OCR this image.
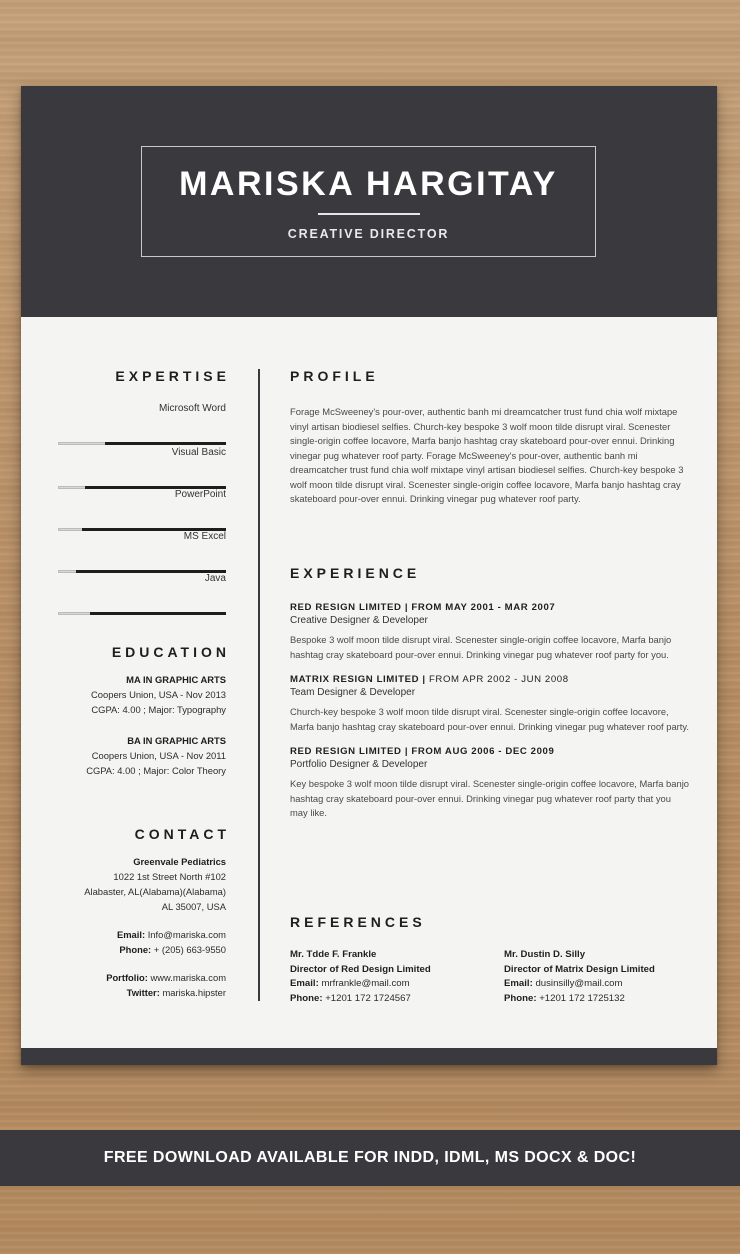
MARISKA HARGITAY
CREATIVE DIRECTOR
EXPERTISE
Microsoft Word
Visual Basic
PowerPoint
MS Excel
Java
EDUCATION
MA IN GRAPHIC ARTS
Coopers Union, USA - Nov 2013
CGPA: 4.00 ; Major: Typography
BA IN GRAPHIC ARTS
Coopers Union, USA - Nov 2011
CGPA: 4.00 ; Major: Color Theory
CONTACT
Greenvale Pediatrics
1022 1st Street North #102
Alabaster, AL(Alabama)(Alabama)
AL 35007, USA
Email: Info@mariska.com
Phone: + (205) 663-9550
Portfolio: www.mariska.com
Twitter: mariska.hipster
PROFILE
Forage McSweeney's pour-over, authentic banh mi dreamcatcher trust fund chia wolf mixtape vinyl artisan biodiesel selfies. Church-key bespoke 3 wolf moon tilde disrupt viral. Scenester single-origin coffee locavore, Marfa banjo hashtag cray skateboard pour-over ennui. Drinking vinegar pug whatever roof party. Forage McSweeney's pour-over, authentic banh mi dreamcatcher trust fund chia wolf mixtape vinyl artisan biodiesel selfies. Church-key bespoke 3 wolf moon tilde disrupt viral. Scenester single-origin coffee locavore, Marfa banjo hashtag cray skateboard pour-over ennui. Drinking vinegar pug whatever roof party.
EXPERIENCE
RED RESIGN LIMITED | FROM MAY 2001 - MAR 2007
Creative Designer & Developer
Bespoke 3 wolf moon tilde disrupt viral. Scenester single-origin coffee locavore, Marfa banjo hashtag cray skateboard pour-over ennui. Drinking vinegar pug whatever roof party for you.
MATRIX RESIGN LIMITED | FROM APR 2002 - JUN 2008
Team Designer & Developer
Church-key bespoke 3 wolf moon tilde disrupt viral. Scenester single-origin coffee locavore, Marfa banjo hashtag cray skateboard pour-over ennui. Drinking vinegar pug whatever roof party.
RED RESIGN LIMITED | FROM AUG 2006 - DEC 2009
Portfolio Designer & Developer
Key bespoke 3 wolf moon tilde disrupt viral. Scenester single-origin coffee locavore, Marfa banjo hashtag cray skateboard pour-over ennui. Drinking vinegar pug whatever roof party that you may like.
REFERENCES
Mr. Tdde F. Frankle
Director of Red Design Limited
Email: mrfrankle@mail.com
Phone: +1201 172 1724567
Mr. Dustin D. Silly
Director of Matrix Design Limited
Email: dusinsilly@mail.com
Phone: +1201 172 1725132
FREE DOWNLOAD AVAILABLE FOR INDD, IDML, MS DOCX & DOC!
